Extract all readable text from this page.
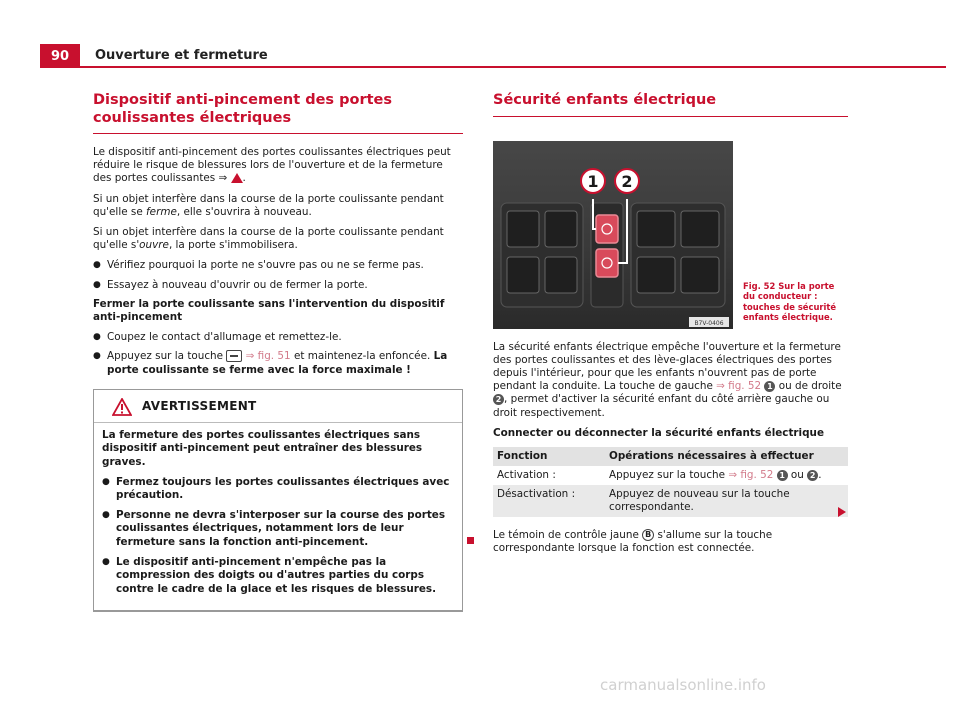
90	Ouverture et fermeture
Dispositif anti-pincement des portes coulissantes électriques

Le dispositif anti-pincement des portes coulissantes électriques peut réduire le risque de blessures lors de l'ouverture et de la fermeture des portes coulissantes ⇒ .

Si un objet interfère dans la course de la porte coulissante pendant qu'elle se ferme, elle s'ouvrira à nouveau.

Si un objet interfère dans la course de la porte coulissante pendant qu'elle s'ouvre, la porte s'immobilisera.

● Vérifiez pourquoi la porte ne s'ouvre pas ou ne se ferme pas.
● Essayez à nouveau d'ouvrir ou de fermer la porte.
Fermer la porte coulissante sans l'intervention du dispositif anti-pincement
● Coupez le contact d'allumage et remettez-le.
● Appuyez sur la touche ⇒ fig. 51 et maintenez-la enfoncée. La porte coulissante se ferme avec la force maximale !
AVERTISSEMENT

La fermeture des portes coulissantes électriques sans dispositif anti-pincement peut entraîner des blessures graves.

● Fermez toujours les portes coulissantes électriques avec précaution.
● Personne ne devra s'interposer sur la course des portes coulissantes électriques, notamment lors de leur fermeture sans la fonction anti-pincement.
● Le dispositif anti-pincement n'empêche pas la compression des doigts ou d'autres parties du corps contre le cadre de la glace et les risques de blessures.
Sécurité enfants électrique
1 2
B7V-0406
Fig. 52 Sur la porte du conducteur : touches de sécurité enfants électrique.

La sécurité enfants électrique empêche l'ouverture et la fermeture des portes coulissantes et des lève-glaces électriques des portes depuis l'intérieur, pour que les enfants n'ouvrent pas de porte pendant la conduite. La touche de gauche ⇒ fig. 52 1 ou de droite 2 , permet d'activer la sécurité enfant du côté arrière gauche ou droit respectivement.

Connecter ou déconnecter la sécurité enfants électrique
Fonction	Opérations nécessaires à effectuer
Activation :	Appuyez sur la touche ⇒ fig. 52 1 ou 2 .
Désactivation :	Appuyez de nouveau sur la touche correspondante.

Le témoin de contrôle jaune B s'allume sur la touche correspondante lorsque la fonction est connectée.

carmanualsonline.info
